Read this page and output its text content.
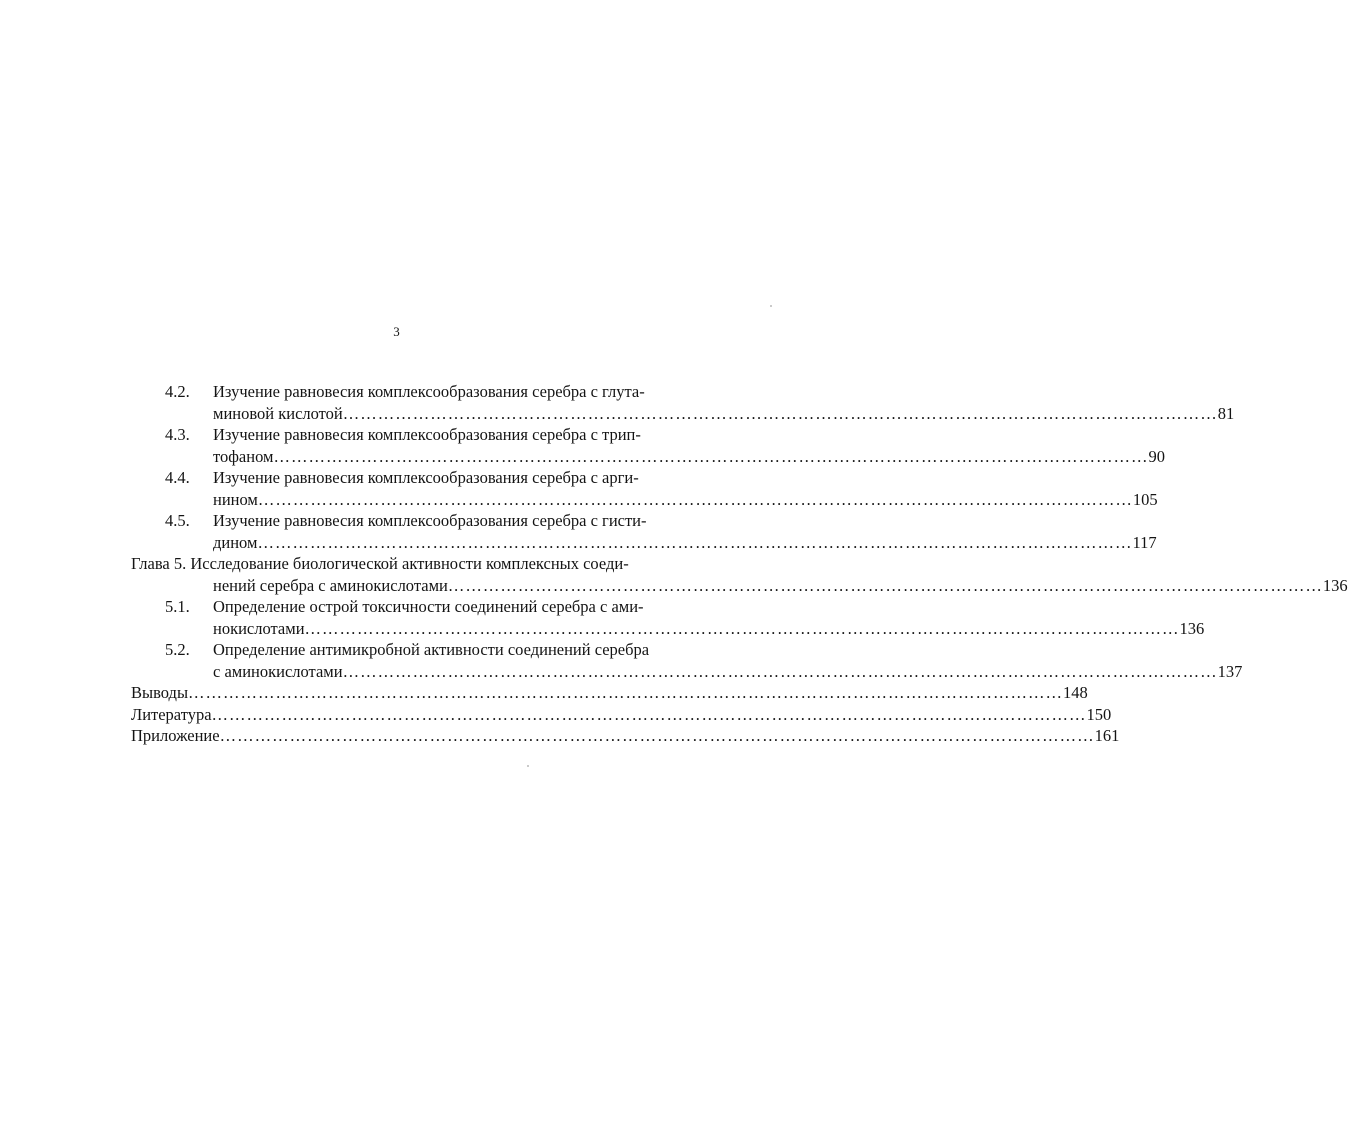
3
4.2.	Изучение равновесия комплексообразования серебра с глута-
миновой кислотой …………………………………………………………………………………………………………………………………… 81
4.3.	Изучение равновесия комплексообразования серебра с трип-
тофаном …………………………………………………………………………………………………………………………………… 90
4.4.	Изучение равновесия комплексообразования серебра с арги-
нином …………………………………………………………………………………………………………………………………… 105
4.5.	Изучение равновесия комплексообразования серебра с гисти-
дином …………………………………………………………………………………………………………………………………… 117
Глава 5. Исследование биологической активности комплексных соеди-
нений серебра с аминокислотами …………………………………………………………………………………………………………………………………… 136
5.1.	Определение острой токсичности соединений серебра с ами-
нокислотами …………………………………………………………………………………………………………………………………… 136
5.2.	Определение антимикробной активности соединений серебра
с аминокислотами …………………………………………………………………………………………………………………………………… 137
Выводы …………………………………………………………………………………………………………………………………… 148
Литература …………………………………………………………………………………………………………………………………… 150
Приложение …………………………………………………………………………………………………………………………………… 161
